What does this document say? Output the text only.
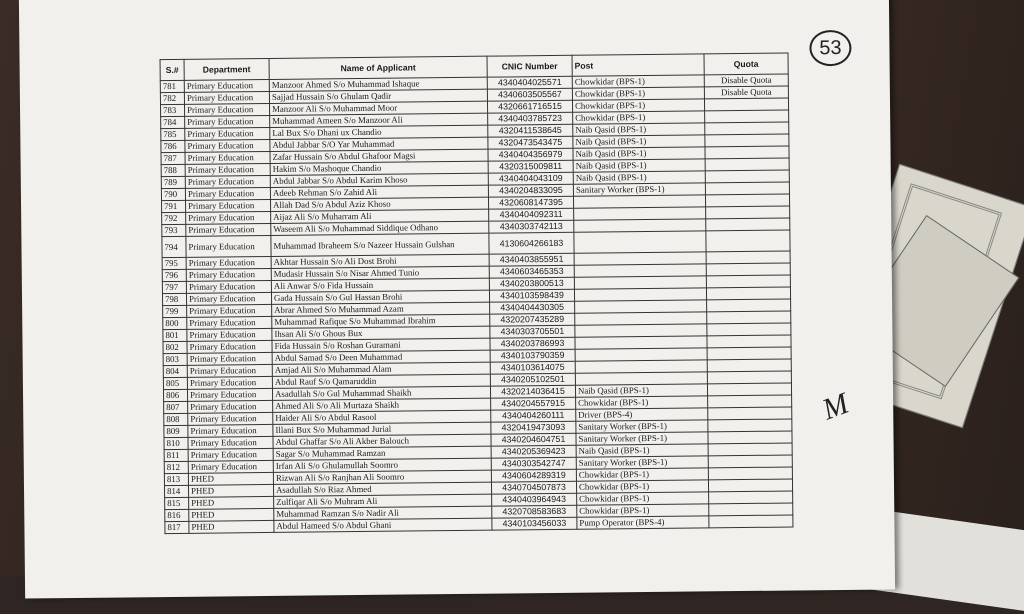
53
M
S.#	Department	Name of Applicant	CNIC Number	Post	Quota
781	Primary Education	Manzoor Ahmed S/o Muhammad Ishaque	4340404025571	Chowkidar (BPS-1)	Disable Quota
782	Primary Education	Sajjad Hussain S/o Ghulam Qadir	4340603505567	Chowkidar (BPS-1)	Disable Quota
783	Primary Education	Manzoor Ali S/o Muhammad Moor	4320661716515	Chowkidar (BPS-1)	
784	Primary Education	Muhammad Ameen S/o Manzoor Ali	4340403785723	Chowkidar (BPS-1)	
785	Primary Education	Lal Bux S/o Dhani ux Chandio	4320411538645	Naib Qasid (BPS-1)	
786	Primary Education	Abdul Jabbar S/O Yar Muhammad	4320473543475	Naib Qasid (BPS-1)	
787	Primary Education	Zafar Hussain S/o Abdul Ghafoor Magsi	4340404356979	Naib Qasid (BPS-1)	
788	Primary Education	Hakim S/o Mashoque Chandio	4320315009811	Naib Qasid (BPS-1)	
789	Primary Education	Abdul Jabbar S/o Abdul Karim Khoso	4340404043109	Naib Qasid (BPS-1)	
790	Primary Education	Adeeb Rehman S/o Zahid Ali	4340204833095	Sanitary Worker (BPS-1)	
791	Primary Education	Allah Dad S/o Abdul Aziz Khoso	4320608147395		
792	Primary Education	Aijaz Ali S/o Muharram Ali	4340404092311		
793	Primary Education	Waseem Ali S/o Muhammad Siddique Odhano	4340303742113		
794	Primary Education	Muhammad Ibraheem S/o Nazeer Hussain Gulshan	4130604266183		
795	Primary Education	Akhtar Hussain S/o Ali Dost Brohi	4340403855951		
796	Primary Education	Mudasir Hussain S/o Nisar Ahmed Tunio	4340603465353		
797	Primary Education	Ali Anwar S/o Fida Hussain	4340203800513		
798	Primary Education	Gada Hussain S/o Gul Hassan Brohi	4340103598439		
799	Primary Education	Abrar Ahmed S/o Muhammad Azam	4340404430305		
800	Primary Education	Muhammad Rafique S/o Muhammad Ibrahim	4320207435289		
801	Primary Education	Ihsan Ali S/o Ghous Bux	4340303705501		
802	Primary Education	Fida Hussain S/o Roshan Guramani	4340203786993		
803	Primary Education	Abdul Samad S/o Deen Muhammad	4340103790359		
804	Primary Education	Amjad Ali S/o Muhammad Alam	4340103614075		
805	Primary Education	Abdul Rauf S/o Qamaruddin	4340205102501		
806	Primary Education	Asadullah S/o Gul Muhammad Shaikh	4320214036415	Naib Qasid (BPS-1)	
807	Primary Education	Ahmed Ali S/o Ali Murtaza Shaikh	4340204557915	Chowkidar (BPS-1)	
808	Primary Education	Haider Ali S/o Abdul Rasool	4340404260111	Driver (BPS-4)	
809	Primary Education	Illani Bux S/o Muhammad Jurial	4320419473093	Sanitary Worker (BPS-1)	
810	Primary Education	Abdul Ghaffar S/o Ali Akber Balouch	4340204604751	Sanitary Worker (BPS-1)	
811	Primary Education	Sagar S/o Muhammad Ramzan	4340205369423	Naib Qasid (BPS-1)	
812	Primary Education	Irfan Ali S/o Ghulamullah Soomro	4340303542747	Sanitary Worker (BPS-1)	
813	PHED	Rizwan Ali S/o Ranjhan Ali Soomro	4340604289319	Chowkidar (BPS-1)	
814	PHED	Asadullah S/o Riaz Ahmed	4340704507873	Chowkidar (BPS-1)	
815	PHED	Zulfiqar Ali S/o Muhram Ali	4340403964943	Chowkidar (BPS-1)	
816	PHED	Muhammad Ramzan S/o Nadir Ali	4320708583683	Chowkidar (BPS-1)	
817	PHED	Abdul Hameed S/o Abdul Ghani	4340103456033	Pump Operator (BPS-4)	
